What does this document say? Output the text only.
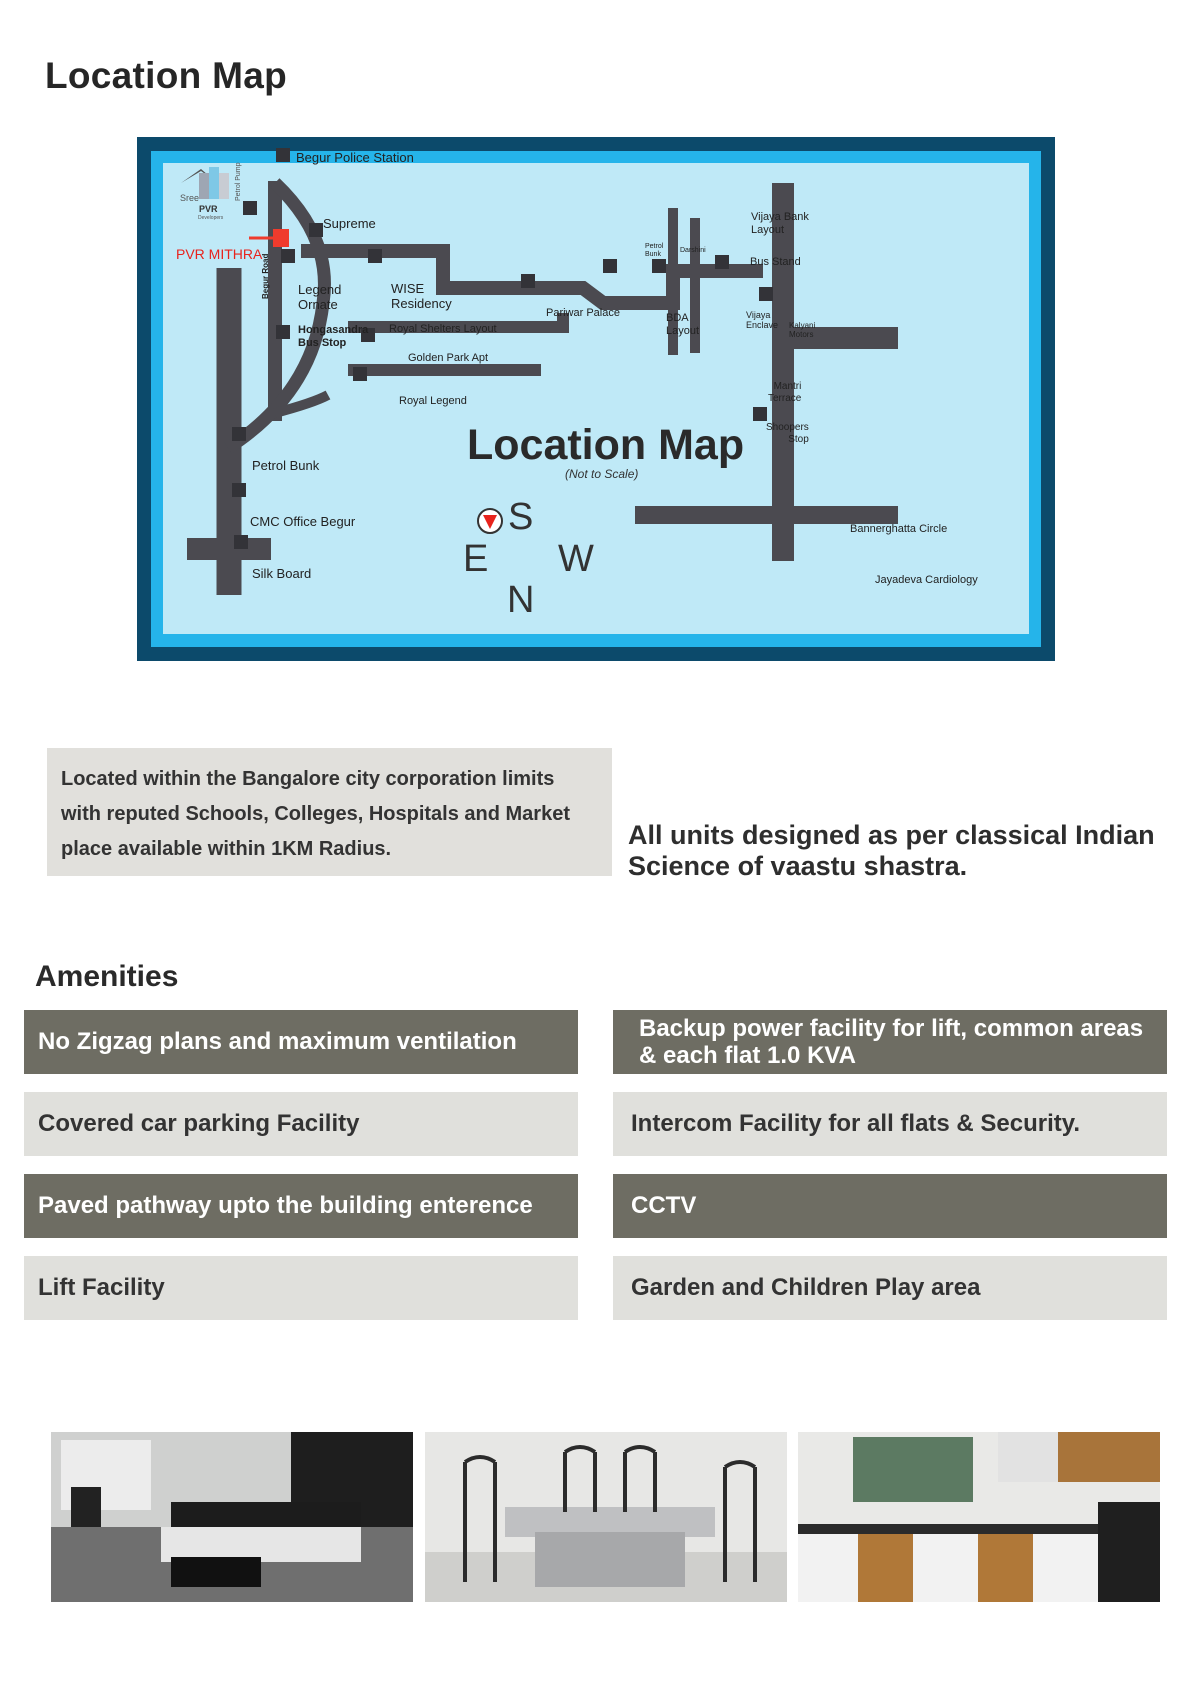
Location Map
Sree
PVR
Developers
Petrol Pump
Begur Police Station
Supreme
PVR MITHRA
Begur Road Legend
Ornate
Hongasandra
Bus Stop
WISE
Residency
Royal Shelters Layout
Golden Park Apt
Royal Legend
Pariwar Palace
Petrol
Bunk
Darshini
BDA
Layout
Vijaya Bank
Layout
Bus Stand
Vijaya
Enclave Kalyani
Motors
Mantri
Terrace
Shoopers
Stop
Petrol Bunk
CMC Office Begur
Silk Board
Bannerghatta Circle
Jayadeva Cardiology
Location Map
(Not to Scale)
S
E W
N
Located within the Bangalore city corporation limits with reputed Schools, Colleges, Hospitals and Market place available within 1KM Radius.	All units designed as per classical Indian Science of vaastu shastra.
Amenities
No Zigzag plans and maximum ventilation	Backup power facility for lift, common areas & each flat 1.0 KVA
Covered car parking Facility	Intercom Facility for all flats & Security.
Paved pathway upto the building enterence	CCTV
Lift Facility	Garden and Children Play area
